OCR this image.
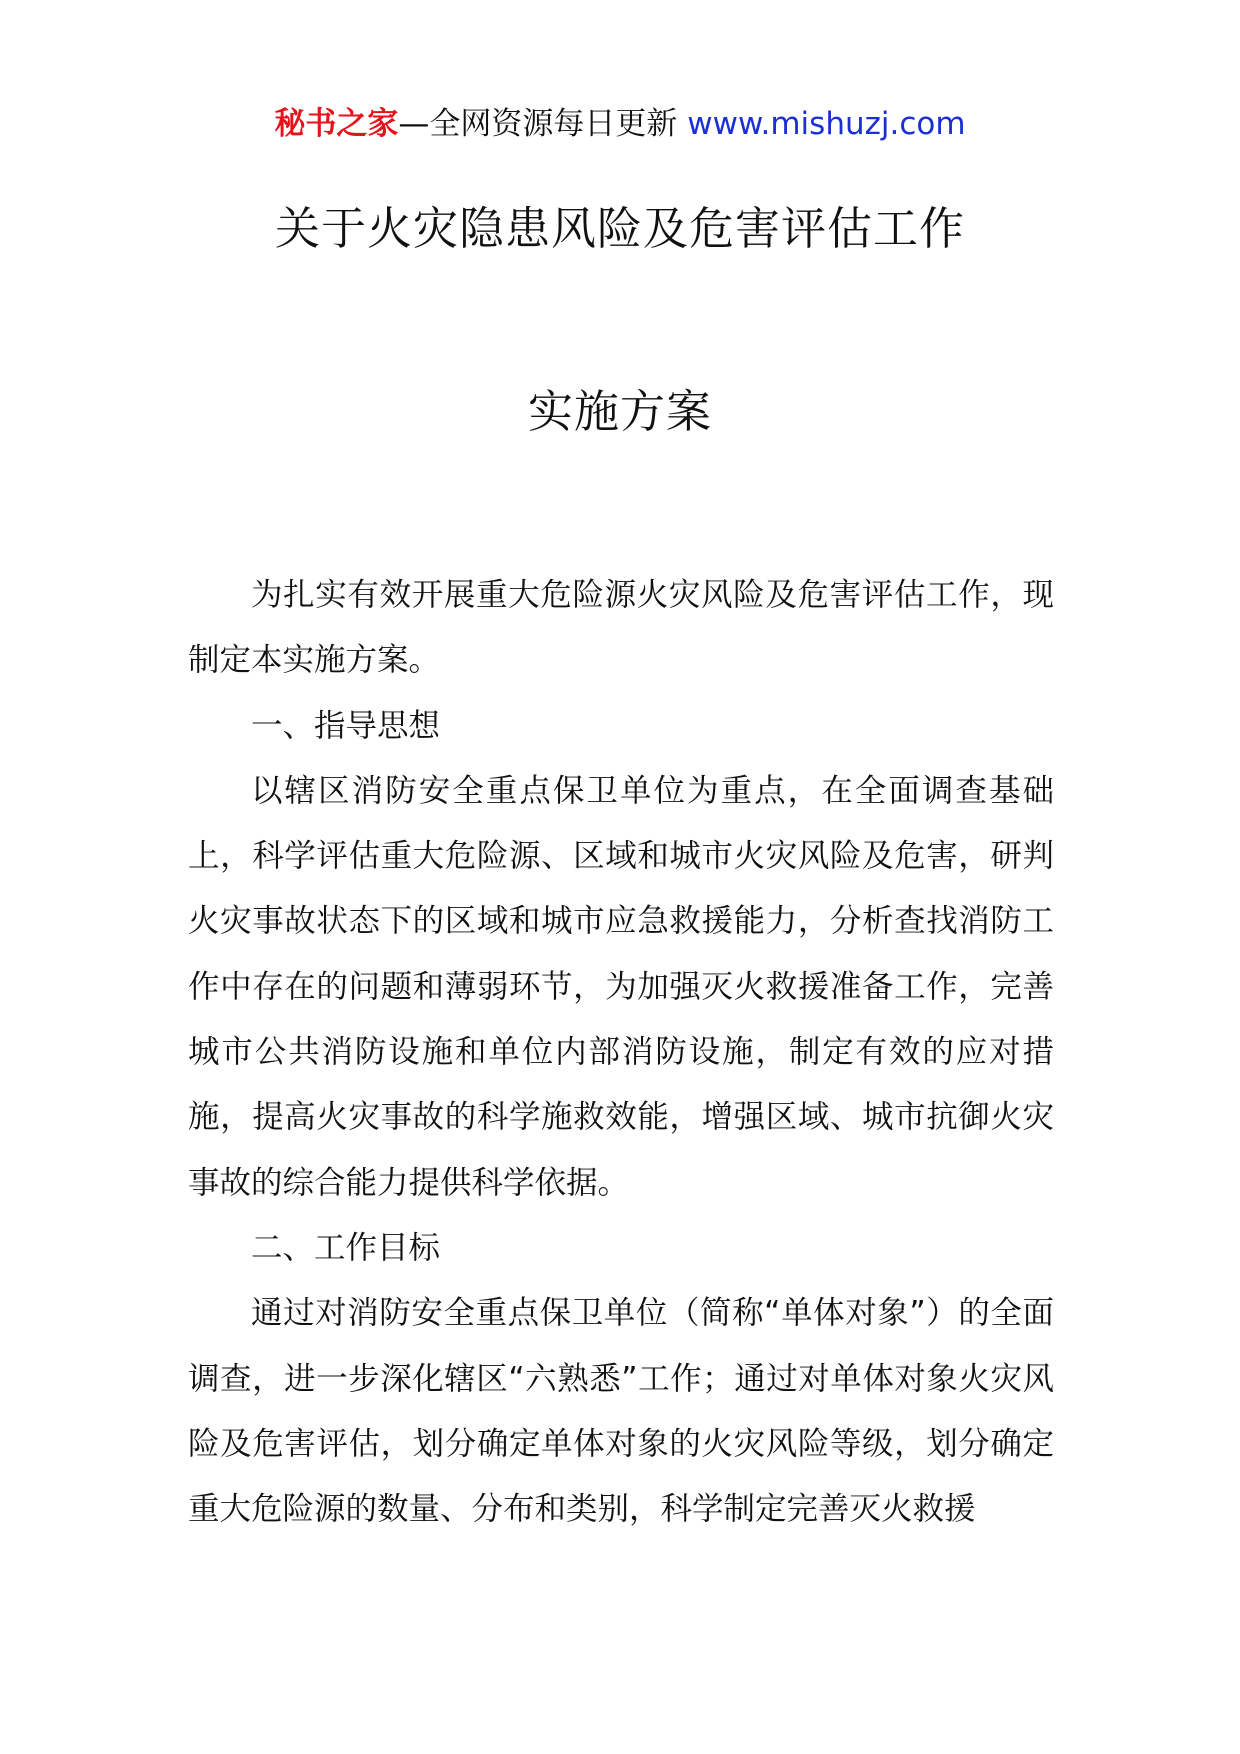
秘书之家—全网资源每日更新 www.mishuzj.com
关于火灾隐患风险及危害评估工作
实施方案

为扎实有效开展重大危险源火灾风险及危害评估工作，现制定本实施方案。

一、指导思想

以辖区消防安全重点保卫单位为重点，在全面调查基础上，科学评估重大危险源、区域和城市火灾风险及危害，研判火灾事故状态下的区域和城市应急救援能力，分析查找消防工作中存在的问题和薄弱环节，为加强灭火救援准备工作，完善城市公共消防设施和单位内部消防设施，制定有效的应对措施，提高火灾事故的科学施救效能，增强区域、城市抗御火灾事故的综合能力提供科学依据。

二、工作目标

通过对消防安全重点保卫单位（简称“单体对象”）的全面调查，进一步深化辖区“六熟悉”工作；通过对单体对象火灾风险及危害评估，划分确定单体对象的火灾风险等级，划分确定重大危险源的数量、分布和类别，科学制定完善灭火救援
